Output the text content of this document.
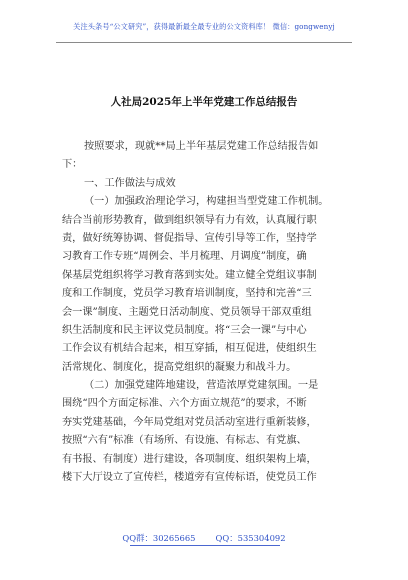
关注头条号“公文研究”，获得最新最全最专业的公文资料库！ 微信：gongwenyj
人社局2025年上半年党建工作总结报告
按照要求，现就**局上半年基层党建工作总结报告如
下：
一、工作做法与成效
（一）加强政治理论学习，构建担当型党建工作机制。
结合当前形势教育，做到组织领导有力有效，认真履行职
责，做好统筹协调、督促指导、宣传引导等工作，坚持学
习教育工作专班“周例会、半月梳理、月调度”制度，确
保基层党组织将学习教育落到实处。建立健全党组议事制
度和工作制度，党员学习教育培训制度，坚持和完善“三
会一课”制度、主题党日活动制度、党员领导干部双重组
织生活制度和民主评议党员制度。将“三会一课”与中心
工作会议有机结合起来，相互穿插，相互促进，使组织生
活常规化、制度化，提高党组织的凝聚力和战斗力。
（二）加强党建阵地建设，营造浓厚党建氛围。一是
围绕“四个方面定标准、六个方面立规范”的要求，不断
夯实党建基础，今年局党组对党员活动室进行重新装修，
按照“六有”标准（有场所、有设施、有标志、有党旗、
有书报、有制度）进行建设，各项制度、组织架构上墙，
楼下大厅设立了宣传栏，楼道旁有宣传标语，使党员工作
QQ群：30265665 QQ：535304092
